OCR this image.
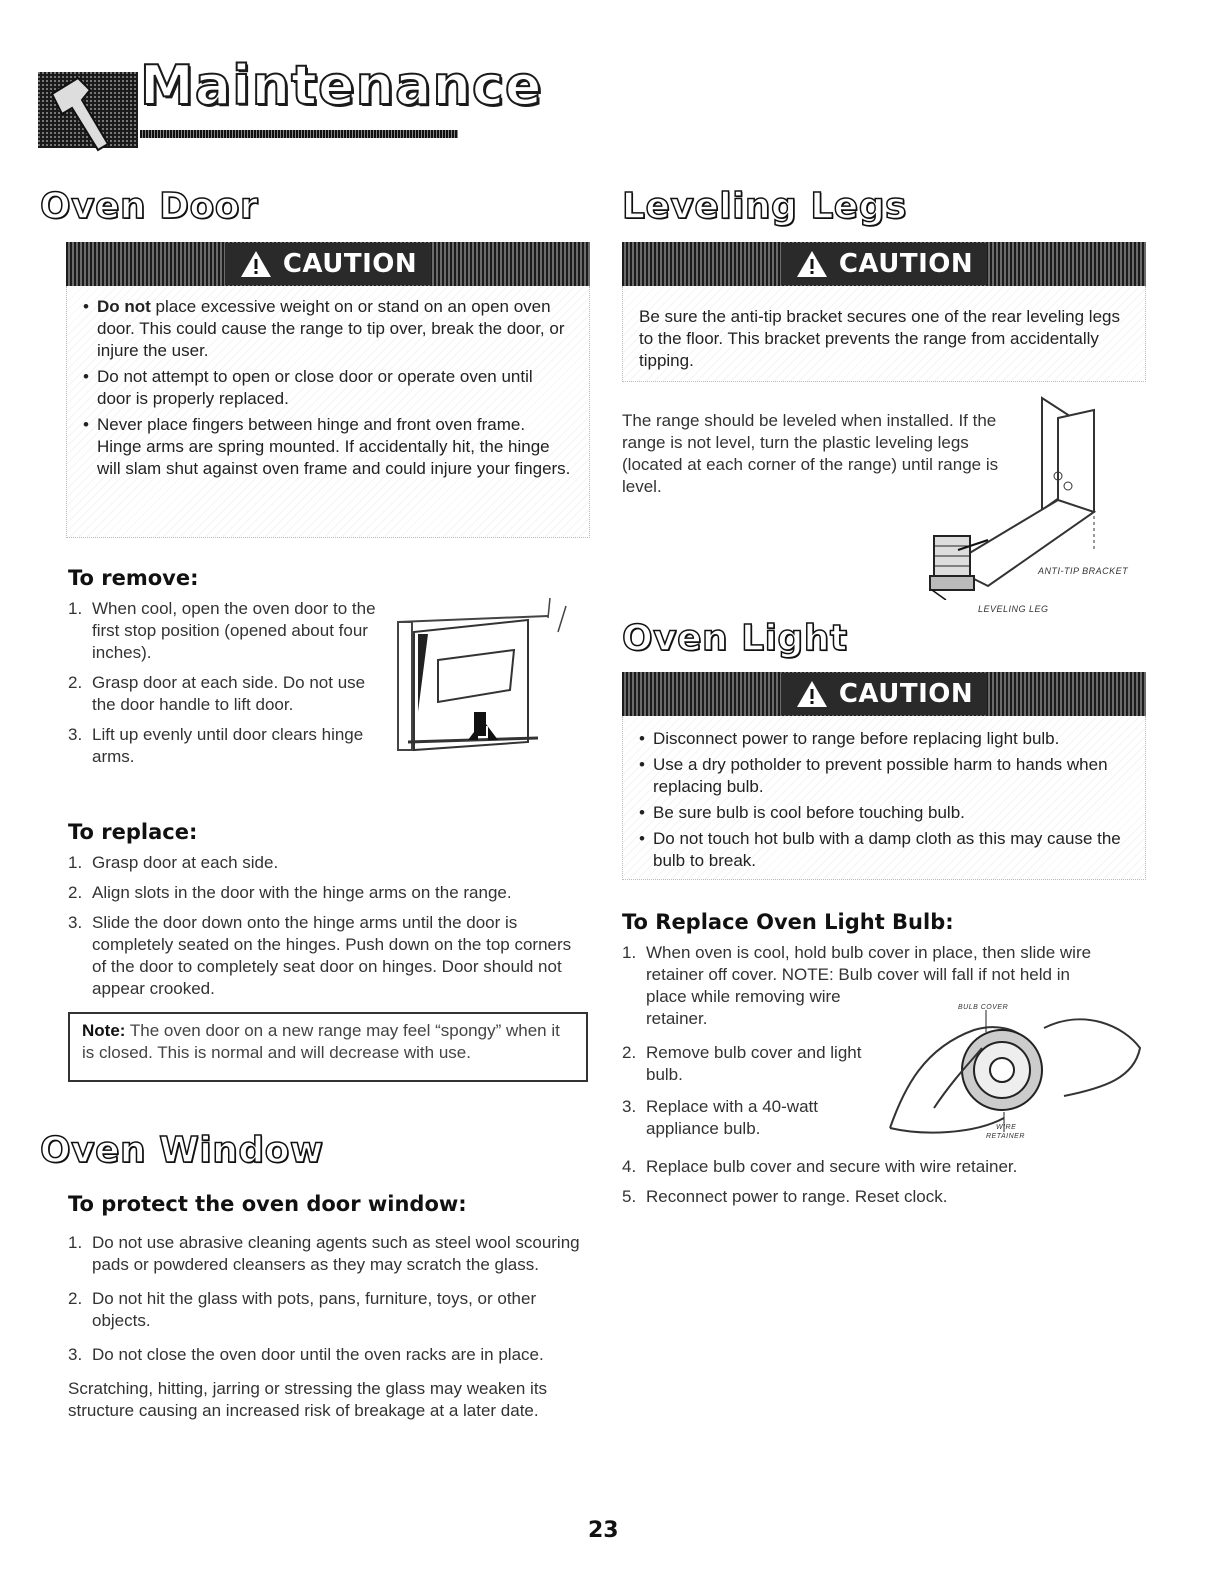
Maintenance
Oven Door
CAUTION
• Do not place excessive weight on or stand on an open oven door. This could cause the range to tip over, break the door, or injure the user.
• Do not attempt to open or close door or operate oven until door is properly replaced.
• Never place fingers between hinge and front oven frame. Hinge arms are spring mounted. If accidentally hit, the hinge will slam shut against oven frame and could injure your fingers.
To remove:
1. When cool, open the oven door to the first stop position (opened about four inches).
2. Grasp door at each side. Do not use the door handle to lift door.
3. Lift up evenly until door clears hinge arms.
To replace:
1. Grasp door at each side.
2. Align slots in the door with the hinge arms on the range.
3. Slide the door down onto the hinge arms until the door is completely seated on the hinges. Push down on the top corners of the door to completely seat door on hinges. Door should not appear crooked.
Note: The oven door on a new range may feel “spongy” when it is closed. This is normal and will decrease with use.
Oven Window
To protect the oven door window:
1. Do not use abrasive cleaning agents such as steel wool scouring pads or powdered cleansers as they may scratch the glass.
2. Do not hit the glass with pots, pans, furniture, toys, or other objects.
3. Do not close the oven door until the oven racks are in place.

Scratching, hitting, jarring or stressing the glass may weaken its structure causing an increased risk of breakage at a later date.

Leveling Legs
CAUTION
Be sure the anti-tip bracket secures one of the rear leveling legs to the floor. This bracket prevents the range from accidentally tipping.

The range should be leveled when installed. If the range is not level, turn the plastic leveling legs (located at each corner of the range) until range is level.

ANTI-TIP BRACKET
LEVELING LEG
Oven Light
CAUTION
• Disconnect power to range before replacing light bulb.
• Use a dry potholder to prevent possible harm to hands when replacing bulb.
• Be sure bulb is cool before touching bulb.
• Do not touch hot bulb with a damp cloth as this may cause the bulb to break.
To Replace Oven Light Bulb:
1. When oven is cool, hold bulb cover in place, then slide wire retainer off cover. NOTE: Bulb cover will fall if not held in
place while removing wire retainer.
2. Remove bulb cover and light bulb.
3. Replace with a 40-watt appliance bulb.
4. Replace bulb cover and secure with wire retainer.
5. Reconnect power to range. Reset clock.
BULB COVER
WIRE
RETAINER
23
